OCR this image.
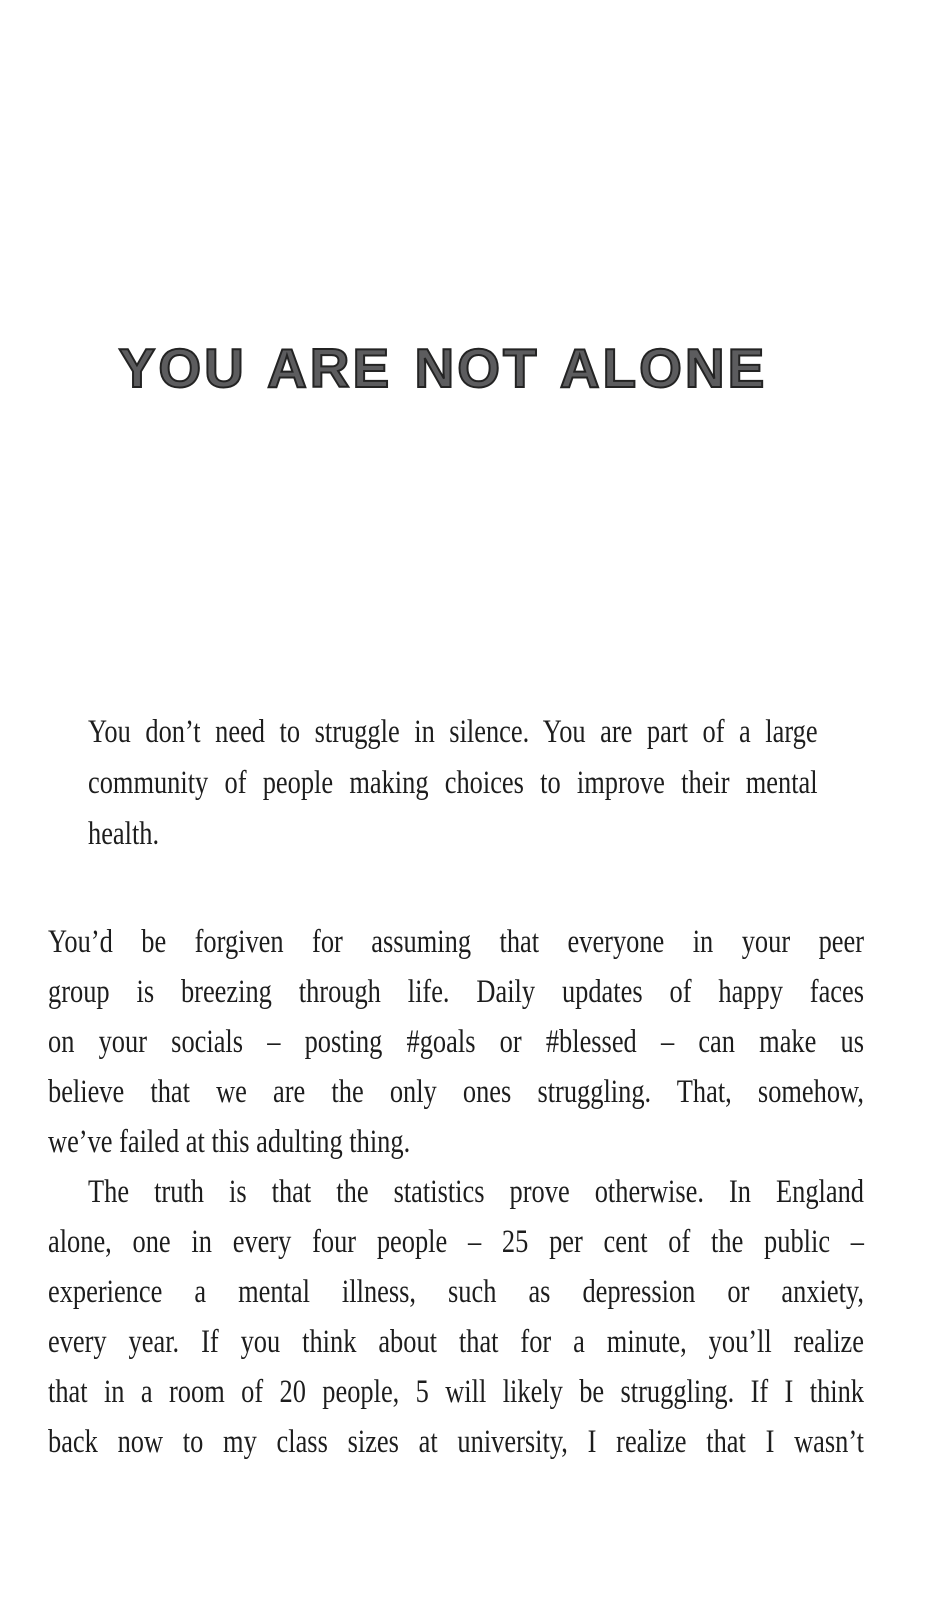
YOU ARE NOT ALONE
You don’t need to struggle in silence. You are part of a large
community of people making choices to improve their mental
health.
You’d be forgiven for assuming that everyone in your peer
group is breezing through life. Daily updates of happy faces
on your socials – posting #goals or #blessed – can make us
believe that we are the only ones struggling. That, somehow,
we’ve failed at this adulting thing.
The truth is that the statistics prove otherwise. In England
alone, one in every four people – 25 per cent of the public –
experience a mental illness, such as depression or anxiety,
every year. If you think about that for a minute, you’ll realize
that in a room of 20 people, 5 will likely be struggling. If I think
back now to my class sizes at university, I realize that I wasn’t
